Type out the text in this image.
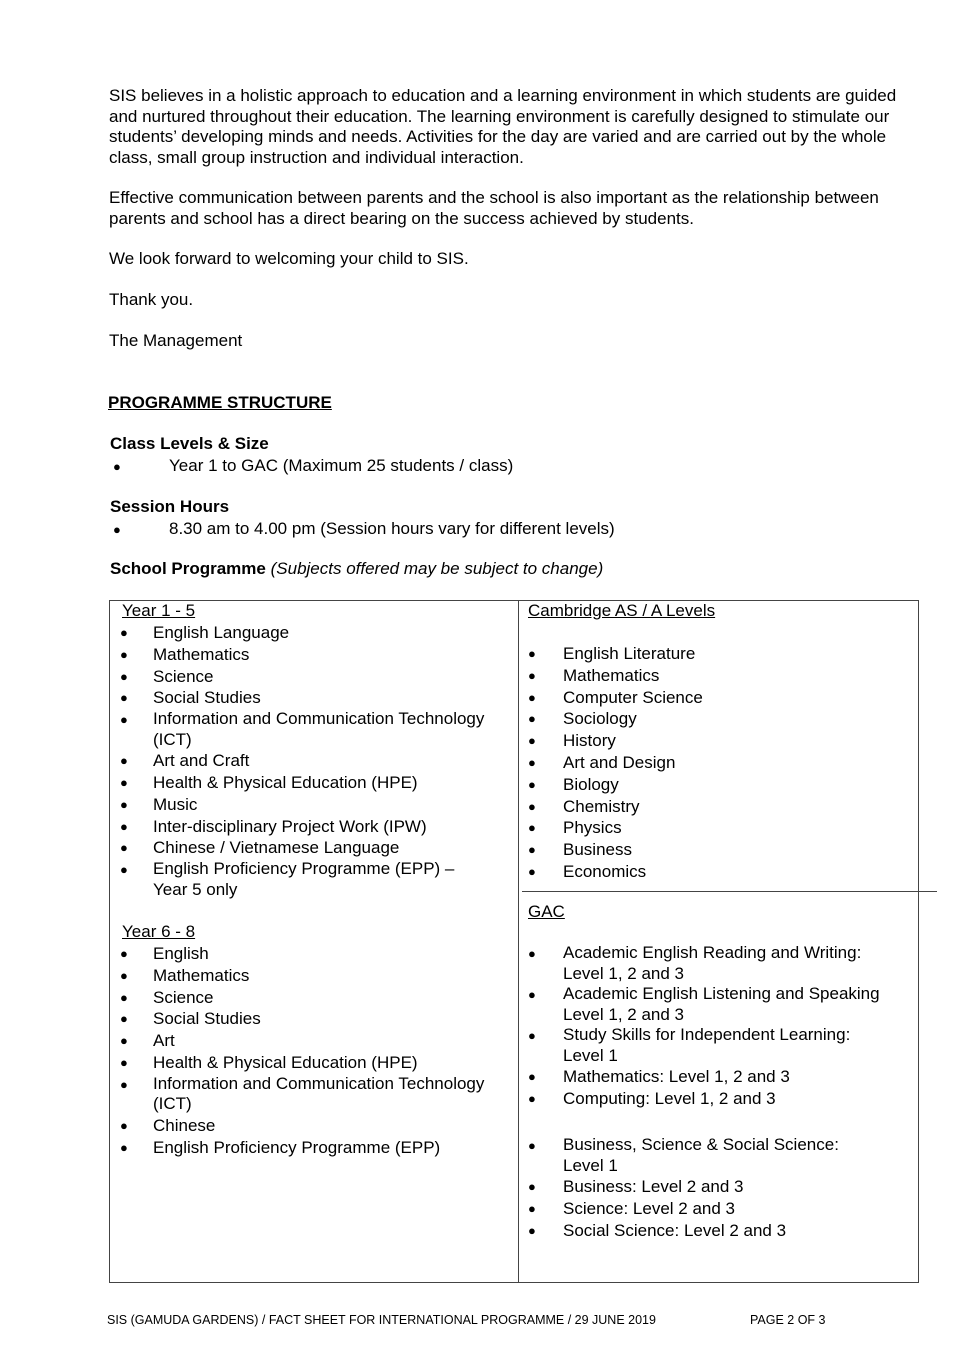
SIS believes in a holistic approach to education and a learning environment in which students are guided and nurtured throughout their education. The learning environment is carefully designed to stimulate our students’ developing minds and needs. Activities for the day are varied and are carried out by the whole class, small group instruction and individual interaction.

Effective communication between parents and the school is also important as the relationship between parents and school has a direct bearing on the success achieved by students.

We look forward to welcoming your child to SIS.

Thank you.

The Management

PROGRAMME STRUCTURE
Class Levels & Size
●	Year 1 to GAC (Maximum 25 students / class)
Session Hours
●	8.30 am to 4.00 pm (Session hours vary for different levels)
School Programme (Subjects offered may be subject to change)
Year 1 - 5
● English Language
● Mathematics
● Science
● Social Studies
● Information and Communication Technology
(ICT)
● Art and Craft
● Health & Physical Education (HPE)
● Music
● Inter-disciplinary Project Work (IPW)
● Chinese / Vietnamese Language
● English Proficiency Programme (EPP) –
Year 5 only
Year 6 - 8
● English
● Mathematics
● Science
● Social Studies
● Art
● Health & Physical Education (HPE)
● Information and Communication Technology
(ICT)
● Chinese
● English Proficiency Programme (EPP)
Cambridge AS / A Levels
● English Literature
● Mathematics
● Computer Science
● Sociology
● History
● Art and Design
● Biology
● Chemistry
● Physics
● Business
● Economics
GAC
● Academic English Reading and Writing:
Level 1, 2 and 3
● Academic English Listening and Speaking
Level 1, 2 and 3
● Study Skills for Independent Learning:
Level 1
● Mathematics: Level 1, 2 and 3
● Computing: Level 1, 2 and 3
● Business, Science & Social Science:
Level 1
● Business: Level 2 and 3
● Science: Level 2 and 3
● Social Science: Level 2 and 3
SIS (GAMUDA GARDENS) / FACT SHEET FOR INTERNATIONAL PROGRAMME / 29 JUNE 2019	PAGE 2 OF 3
